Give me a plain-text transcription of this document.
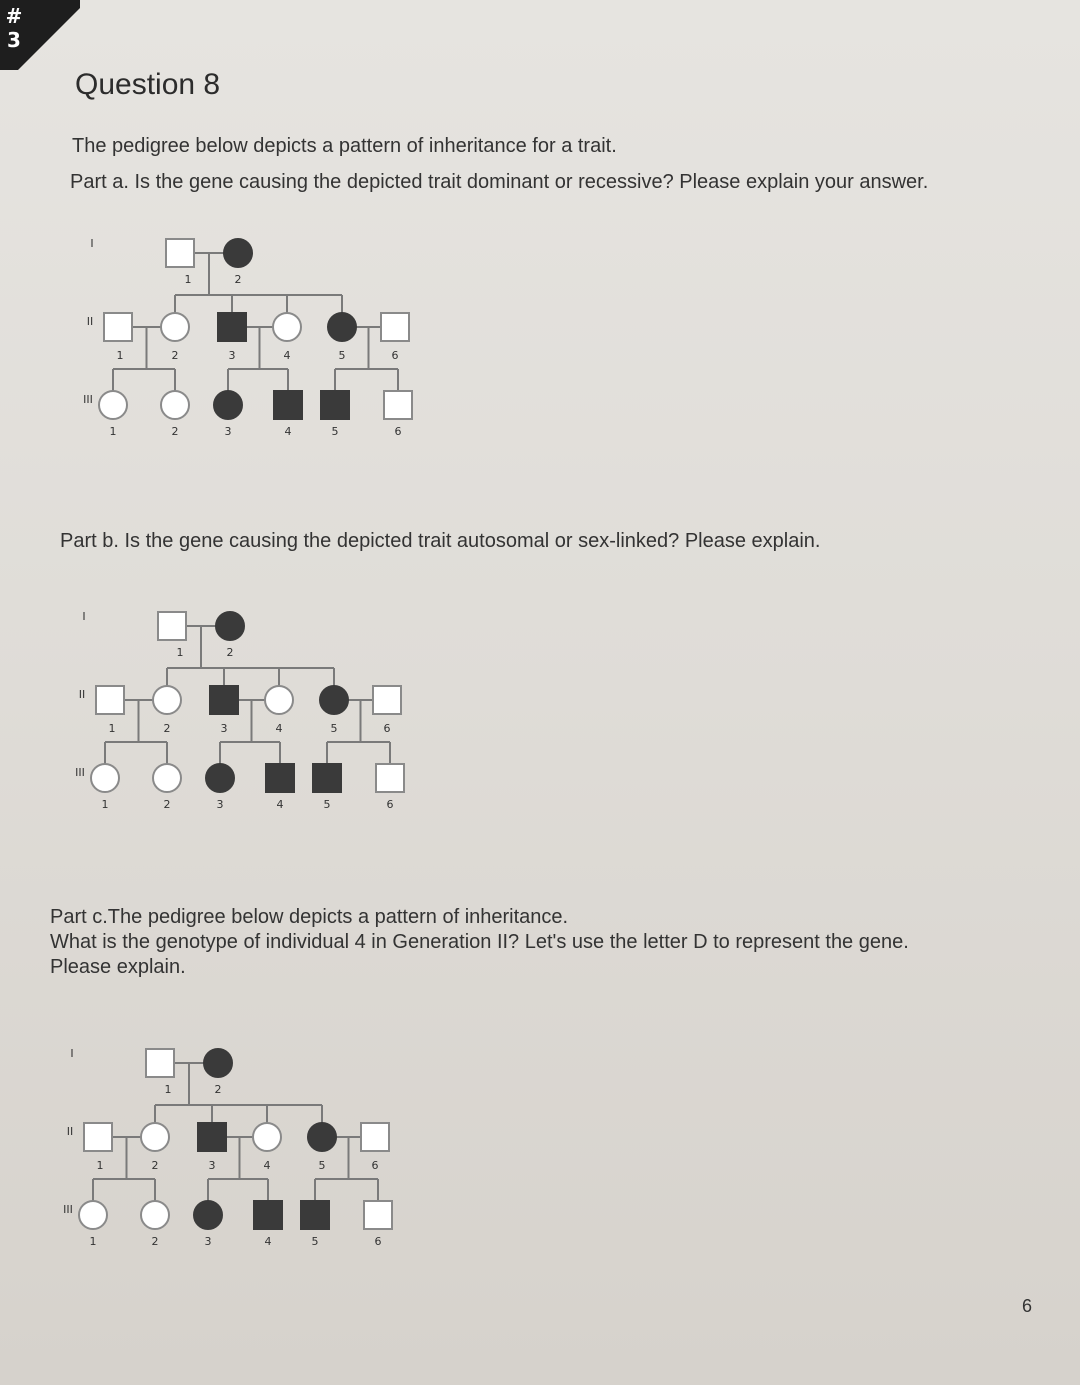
#
3
Question 8
The pedigree below depicts a pattern of inheritance for a trait.
Part a. Is the gene causing the depicted trait dominant or recessive? Please explain your answer.
I
II
III
1	2
1	2	3	4	5	6
1	2	3	4	5	6
Part b. Is the gene causing the depicted trait autosomal or sex-linked? Please explain.
I
II
III
1	2
1	2	3	4	5	6
1	2	3	4	5	6
Part c.The pedigree below depicts a pattern of inheritance.
What is the genotype of individual 4 in Generation II? Let's use the letter D to represent the gene.
Please explain.
I
II
III
1	2
1	2	3	4	5	6
1	2	3	4	5	6
6
